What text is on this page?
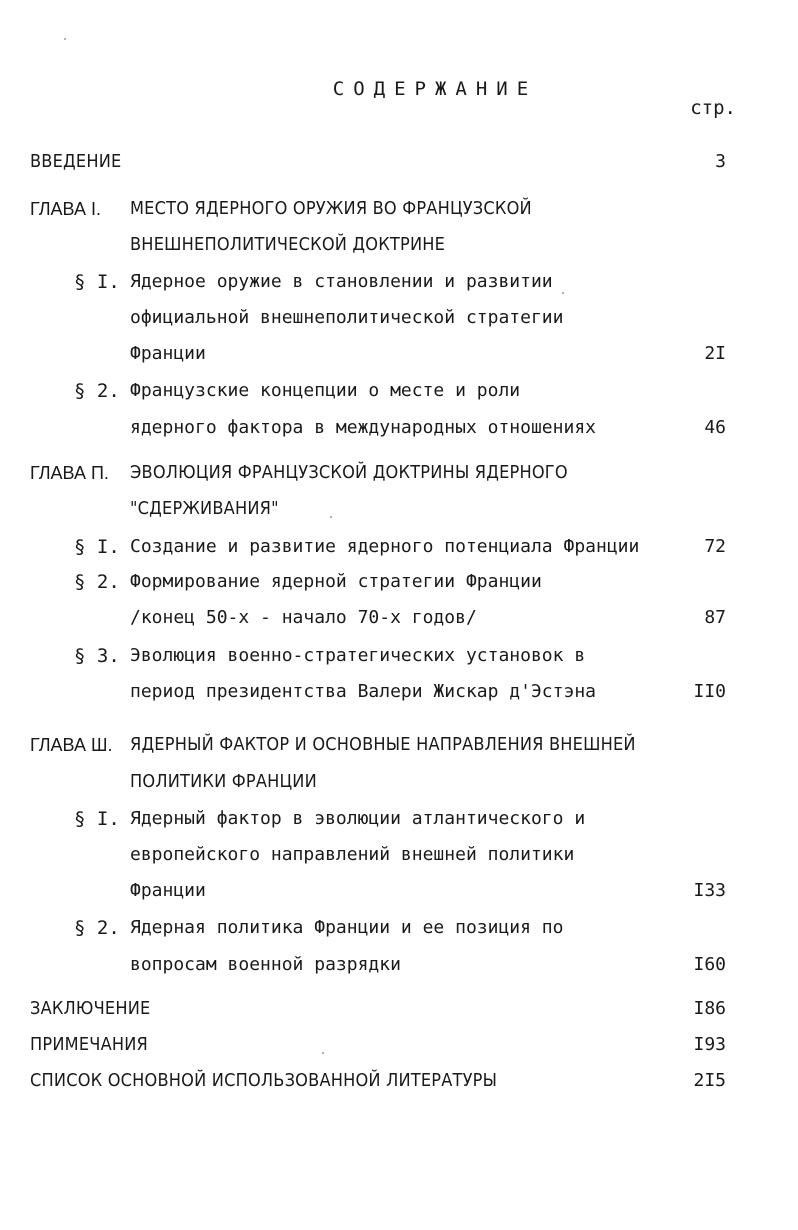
СОДЕРЖАНИЕ
стр.
ВВЕДЕНИЕ	3
ГЛАВА I. МЕСТО ЯДЕРНОГО ОРУЖИЯ ВО ФРАНЦУЗСКОЙ
ВНЕШНЕПОЛИТИЧЕСКОЙ ДОКТРИНЕ
§ I. Ядерное оружие в становлении и развитии
официальной внешнеполитической стратегии
Франции	2I
§ 2. Французские концепции о месте и роли
ядерного фактора в международных отношениях	46
ГЛАВА П. ЭВОЛЮЦИЯ ФРАНЦУЗСКОЙ ДОКТРИНЫ ЯДЕРНОГО
"СДЕРЖИВАНИЯ"
§ I. Создание и развитие ядерного потенциала Франции	72
§ 2. Формирование ядерной стратегии Франции
/конец 50-х - начало 70-х годов/	87
§ 3. Эволюция военно-стратегических установок в
период президентства Валери Жискар д'Эстэна	II0
ГЛАВА Ш. ЯДЕРНЫЙ ФАКТОР И ОСНОВНЫЕ НАПРАВЛЕНИЯ ВНЕШНЕЙ
ПОЛИТИКИ ФРАНЦИИ
§ I. Ядерный фактор в эволюции атлантического и
европейского направлений внешней политики
Франции	I33
§ 2. Ядерная политика Франции и ее позиция по
вопросам военной разрядки	I60
ЗАКЛЮЧЕНИЕ	I86
ПРИМЕЧАНИЯ	I93
СПИСОК ОСНОВНОЙ ИСПОЛЬЗОВАННОЙ ЛИТЕРАТУРЫ	2I5
